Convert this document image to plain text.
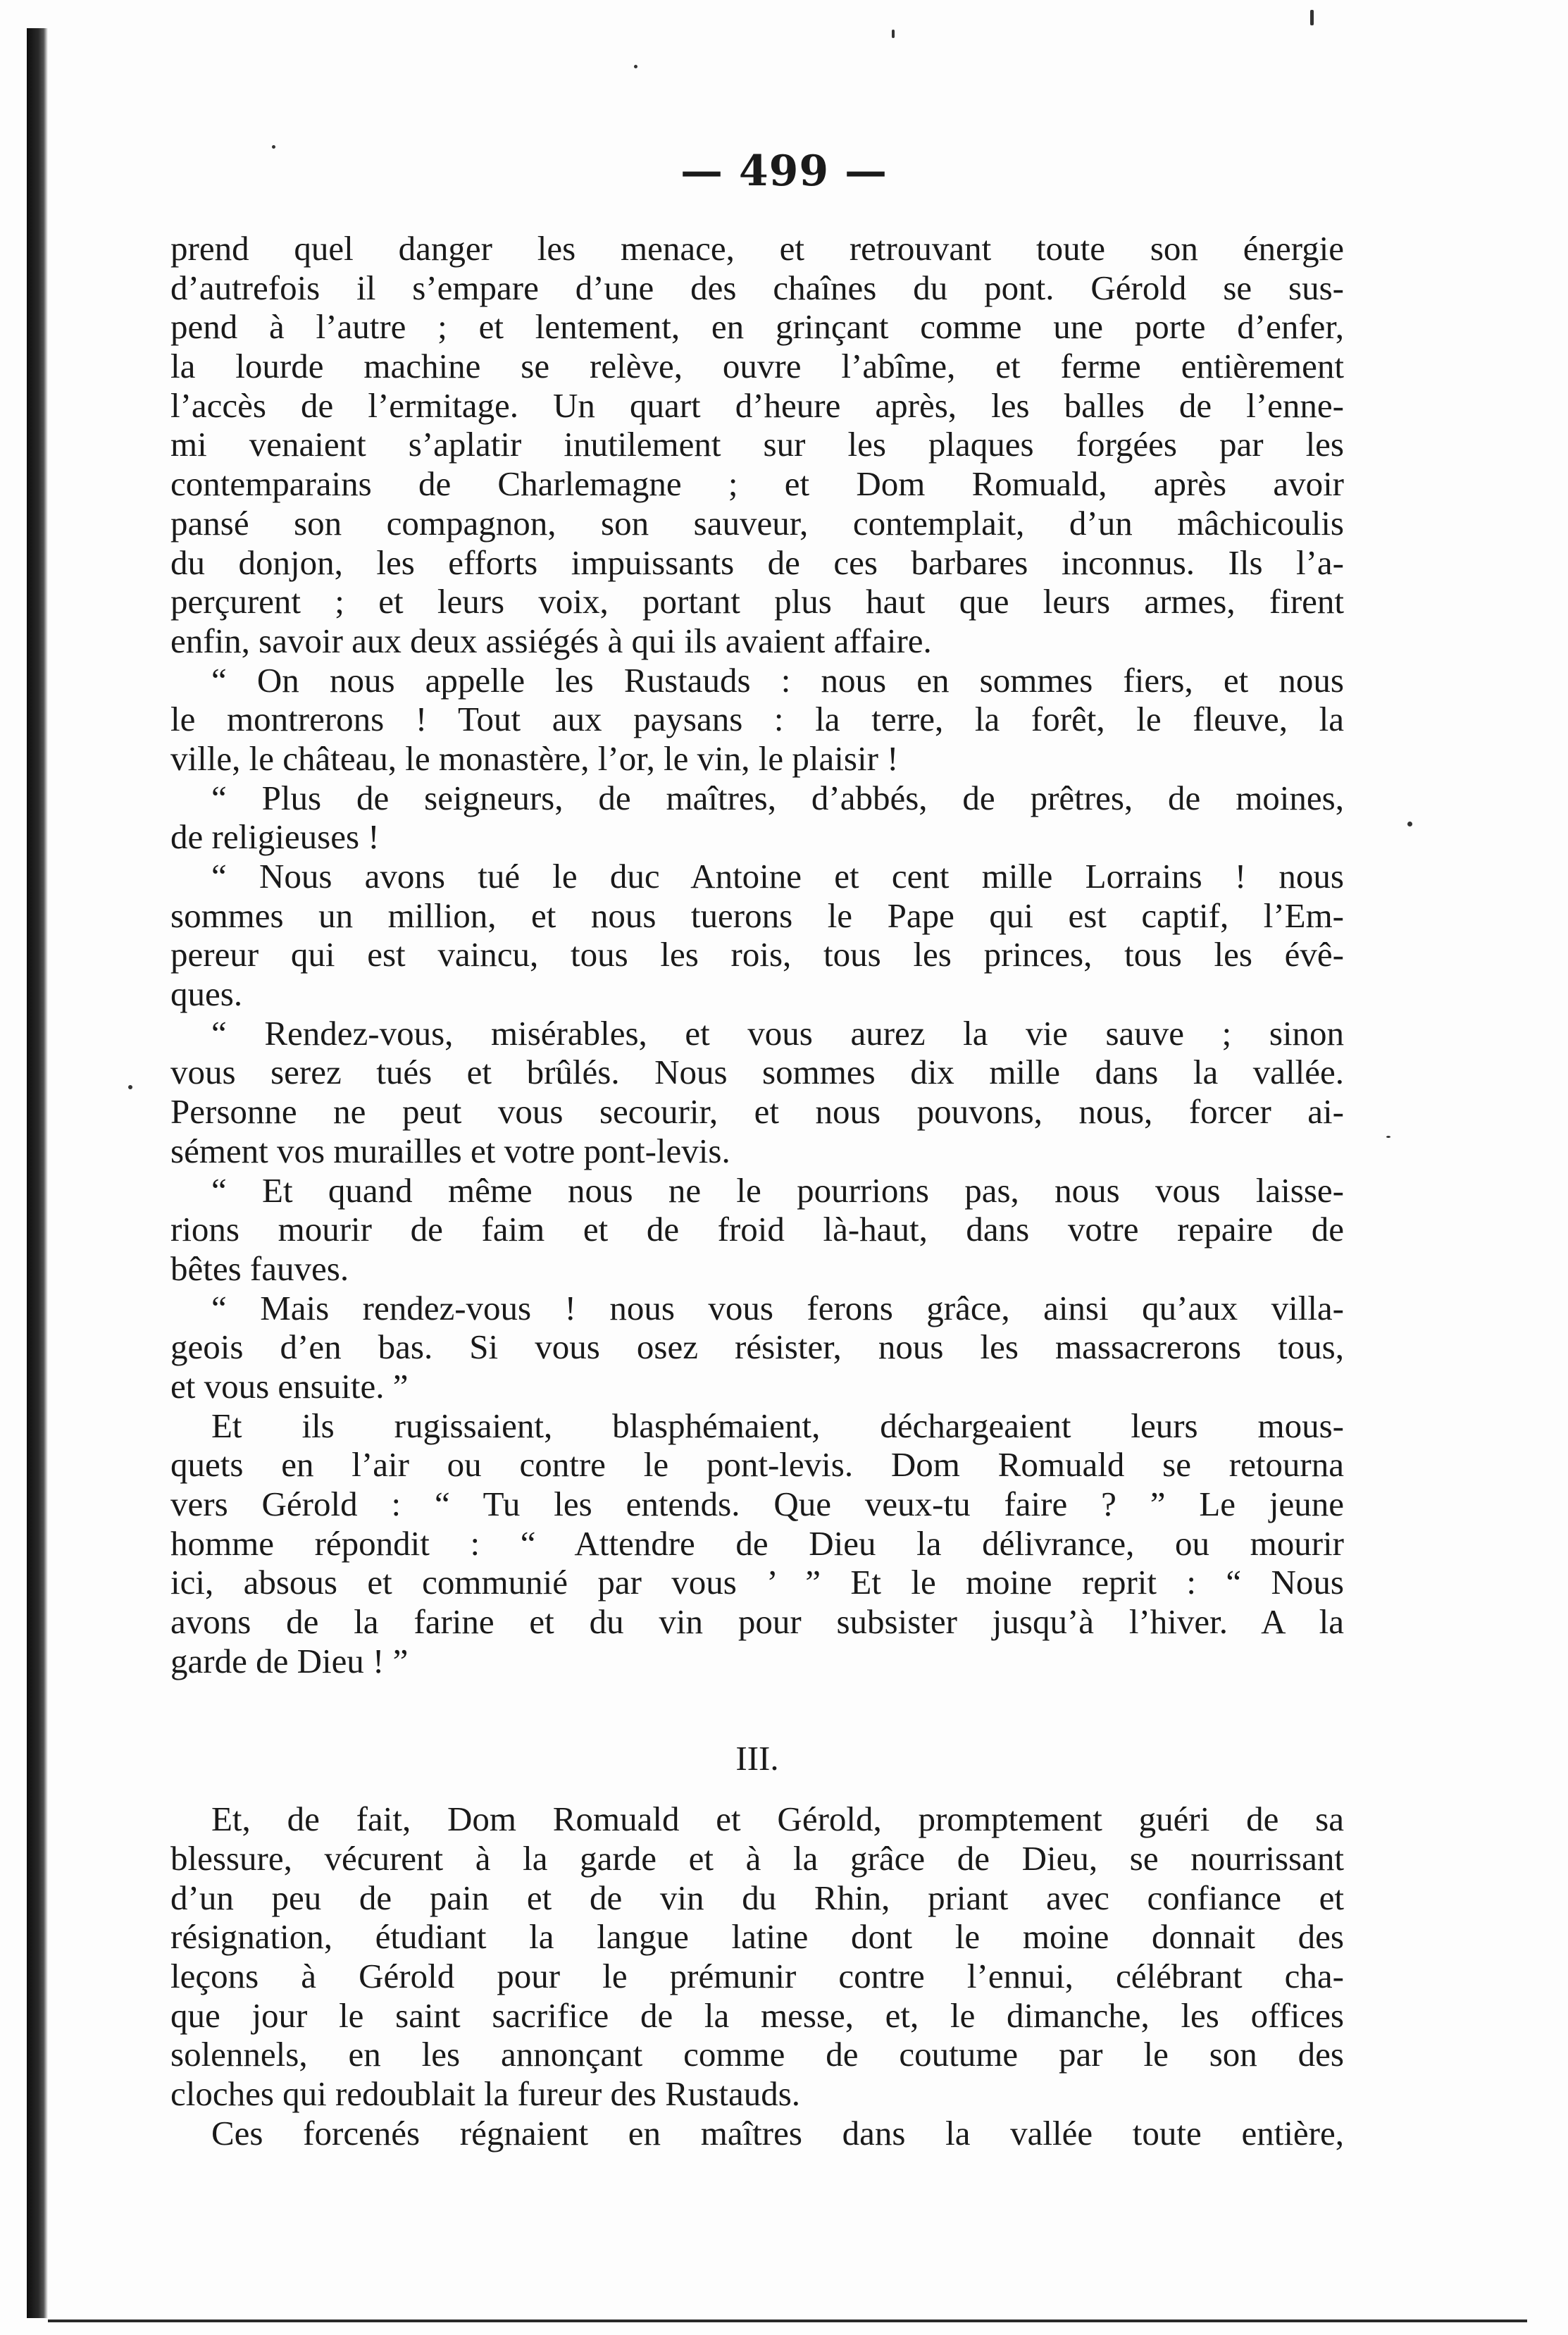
— 499 —
prend quel danger les menace, et retrouvant toute son énergie
d’autrefois il s’empare d’une des chaînes du pont. Gérold se sus-
pend à l’autre ; et lentement, en grinçant comme une porte d’enfer,
la lourde machine se relève, ouvre l’abîme, et ferme entièrement
l’accès de l’ermitage. Un quart d’heure après, les balles de l’enne-
mi venaient s’aplatir inutilement sur les plaques forgées par les
contemparains de Charlemagne ; et Dom Romuald, après avoir
pansé son compagnon, son sauveur, contemplait, d’un mâchicoulis
du donjon, les efforts impuissants de ces barbares inconnus. Ils l’a-
perçurent ; et leurs voix, portant plus haut que leurs armes, firent
enfin, savoir aux deux assiégés à qui ils avaient affaire.
“ On nous appelle les Rustauds : nous en sommes fiers, et nous
le montrerons ! Tout aux paysans : la terre, la forêt, le fleuve, la
ville, le château, le monastère, l’or, le vin, le plaisir !
“ Plus de seigneurs, de maîtres, d’abbés, de prêtres, de moines,
de religieuses !
“ Nous avons tué le duc Antoine et cent mille Lorrains ! nous
sommes un million, et nous tuerons le Pape qui est captif, l’Em-
pereur qui est vaincu, tous les rois, tous les princes, tous les évê-
ques.
“ Rendez-vous, misérables, et vous aurez la vie sauve ; sinon
vous serez tués et brûlés. Nous sommes dix mille dans la vallée.
Personne ne peut vous secourir, et nous pouvons, nous, forcer ai-
sément vos murailles et votre pont-levis.
“ Et quand même nous ne le pourrions pas, nous vous laisse-
rions mourir de faim et de froid là-haut, dans votre repaire de
bêtes fauves.
“ Mais rendez-vous ! nous vous ferons grâce, ainsi qu’aux villa-
geois d’en bas. Si vous osez résister, nous les massacrerons tous,
et vous ensuite. ”
Et ils rugissaient, blasphémaient, déchargeaient leurs mous-
quets en l’air ou contre le pont-levis. Dom Romuald se retourna
vers Gérold : “ Tu les entends. Que veux-tu faire ? ” Le jeune
homme répondit : “ Attendre de Dieu la délivrance, ou mourir
ici, absous et communié par vous ’ ” Et le moine reprit : “ Nous
avons de la farine et du vin pour subsister jusqu’à l’hiver. A la
garde de Dieu ! ”
III.
Et, de fait, Dom Romuald et Gérold, promptement guéri de sa
blessure, vécurent à la garde et à la grâce de Dieu, se nourrissant
d’un peu de pain et de vin du Rhin, priant avec confiance et
résignation, étudiant la langue latine dont le moine donnait des
leçons à Gérold pour le prémunir contre l’ennui, célébrant cha-
que jour le saint sacrifice de la messe, et, le dimanche, les offices
solennels, en les annonçant comme de coutume par le son des
cloches qui redoublait la fureur des Rustauds.
Ces forcenés régnaient en maîtres dans la vallée toute entière,
